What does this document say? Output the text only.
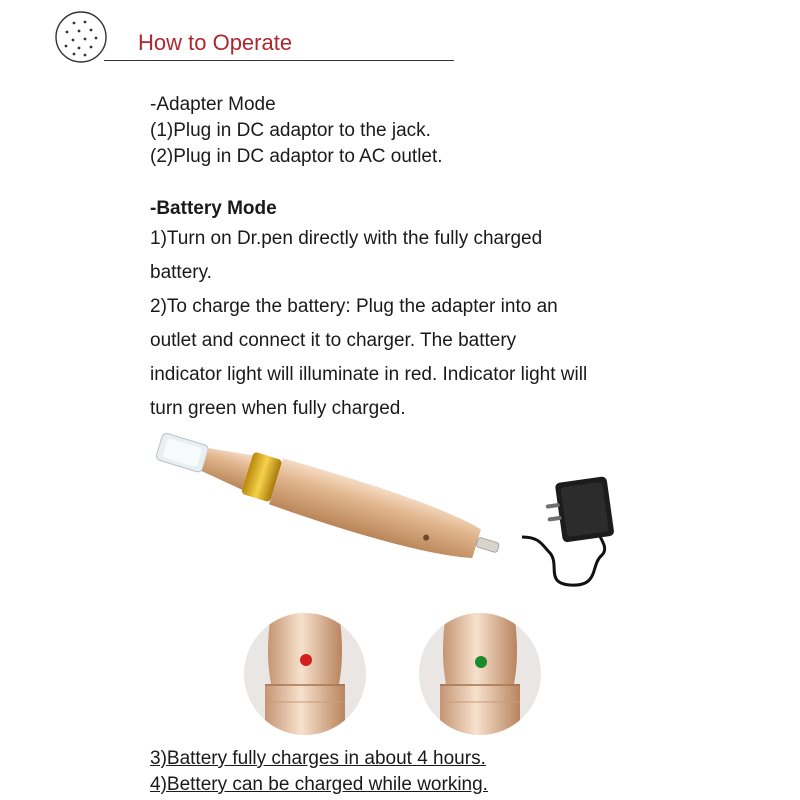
How to Operate
-Adapter Mode
(1)Plug in DC adaptor to the jack.
(2)Plug in DC adaptor to AC outlet.
-Battery Mode
1)Turn on Dr.pen directly with the fully charged
battery.
2)To charge the battery: Plug the adapter into an
outlet and connect it to charger. The battery
indicator light will illuminate in red. Indicator light will
turn green when fully charged.
3)Battery fully charges in about 4 hours.
4)Bettery can be charged while working.
